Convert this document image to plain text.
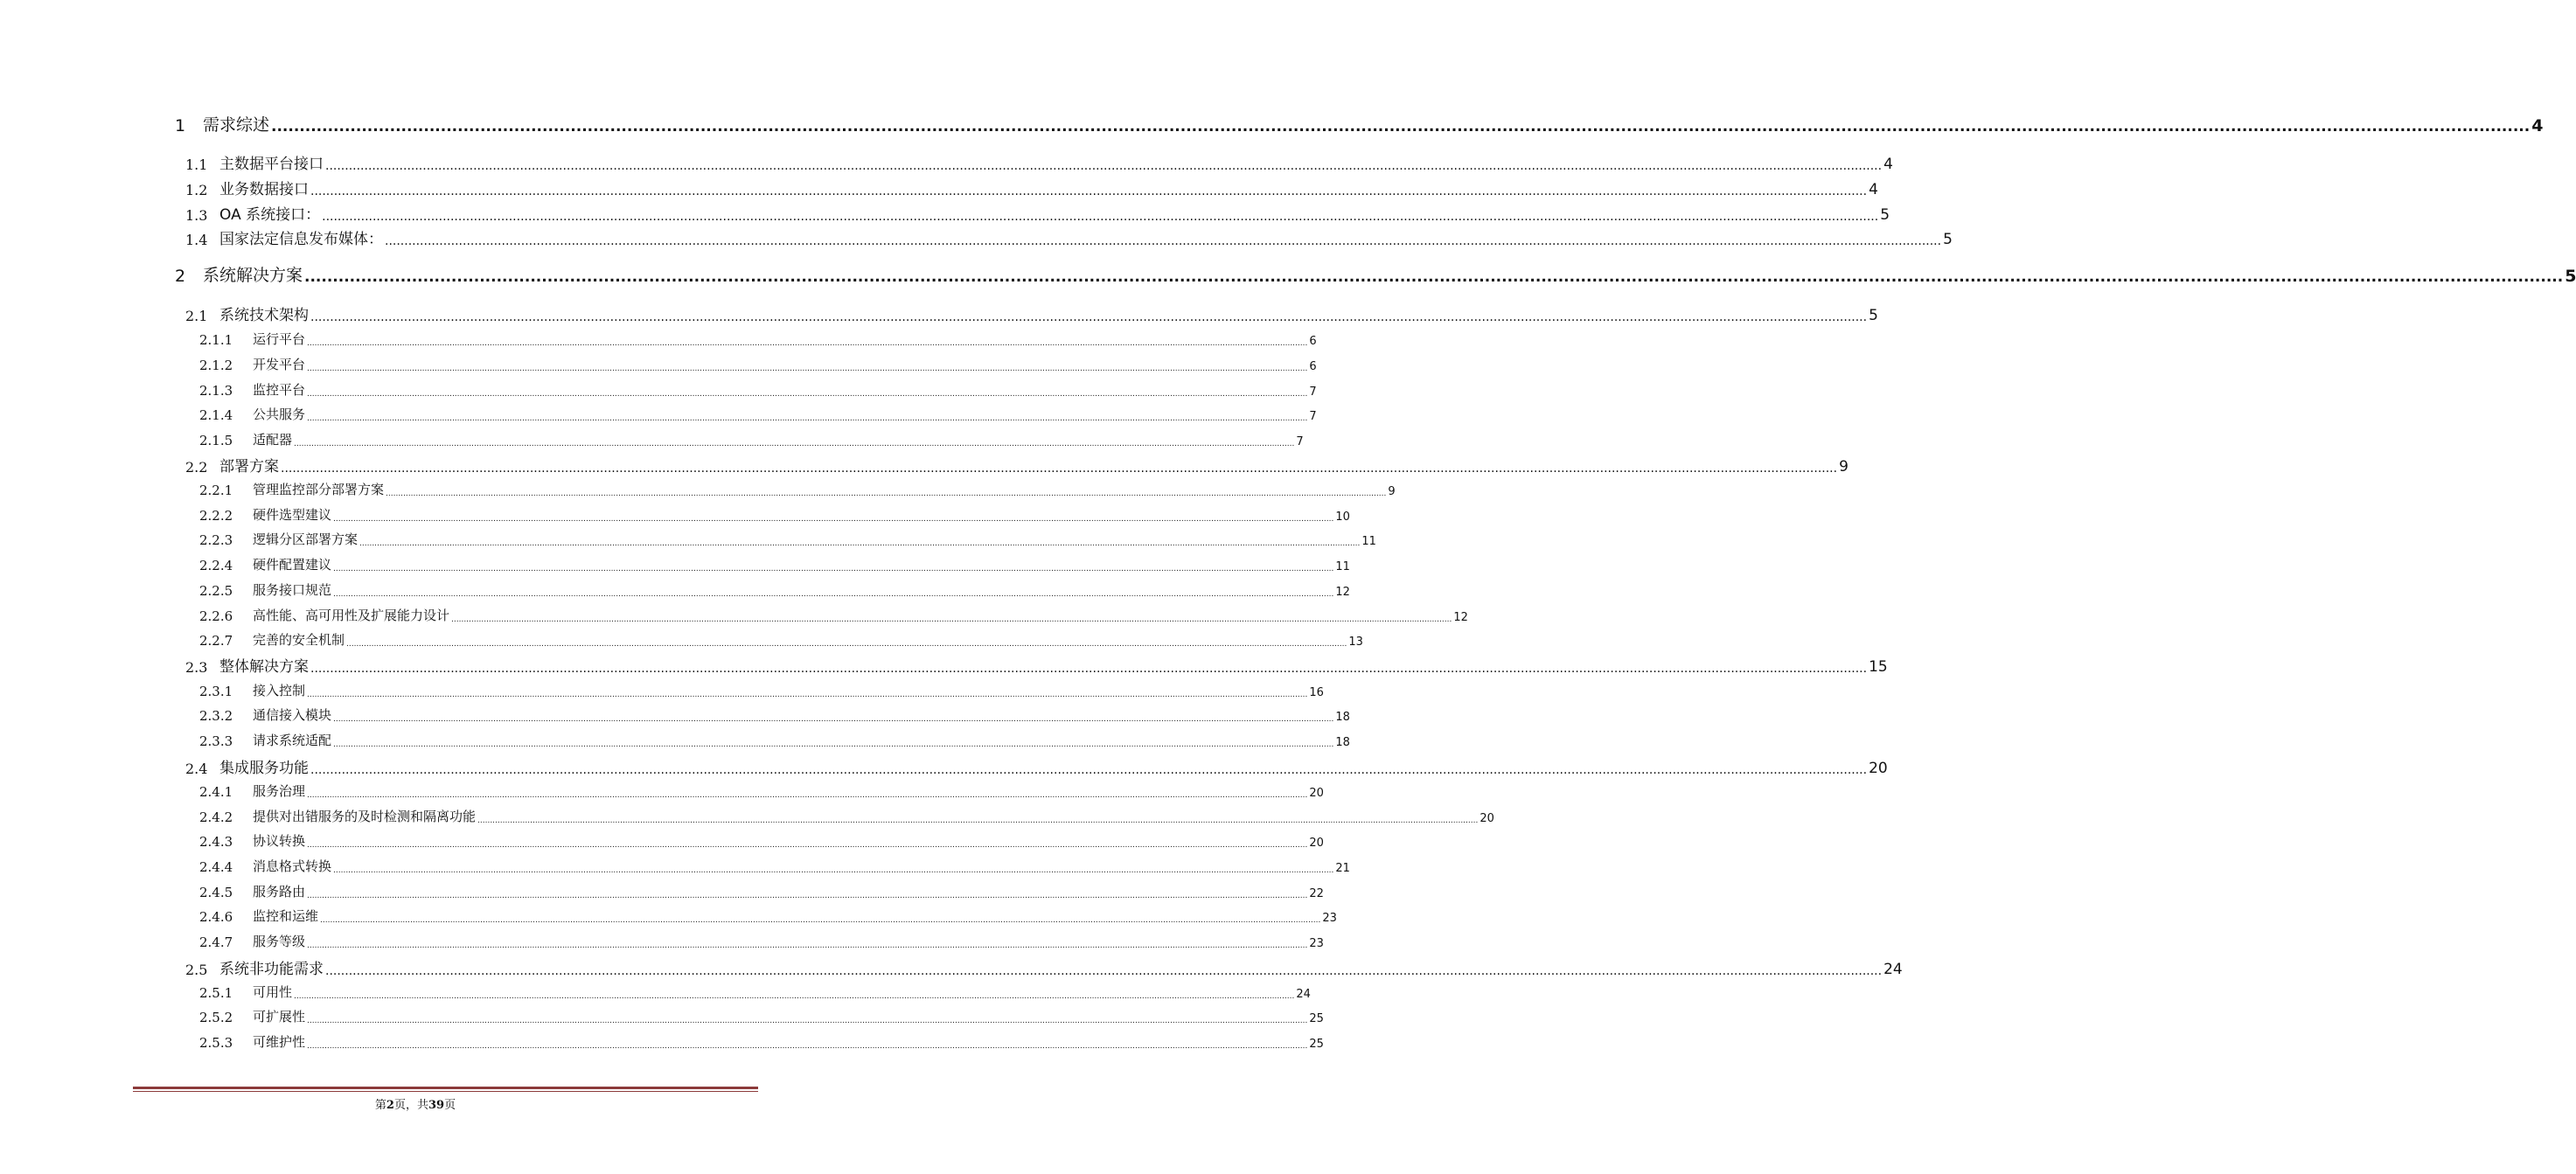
1	需求综述 ................................................................................................................................................................................................................................................................................................................................................................................................................ 4
1.1 主数据平台接口 ................................................................................................................................................................................................................................................................................................................................................................................................................ 4
1.2 业务数据接口 ................................................................................................................................................................................................................................................................................................................................................................................................................ 4
1.3 OA 系统接口： ................................................................................................................................................................................................................................................................................................................................................................................................................ 5
1.4 国家法定信息发布媒体： ................................................................................................................................................................................................................................................................................................................................................................................................................ 5
2	系统解决方案 ................................................................................................................................................................................................................................................................................................................................................................................................................ 5
2.1 系统技术架构 ................................................................................................................................................................................................................................................................................................................................................................................................................ 5
2.1.1	运行平台 ................................................................................................................................................................................................................................................................................................................................................................................................................ 6
2.1.2	开发平台 ................................................................................................................................................................................................................................................................................................................................................................................................................ 6
2.1.3	监控平台 ................................................................................................................................................................................................................................................................................................................................................................................................................ 7
2.1.4	公共服务 ................................................................................................................................................................................................................................................................................................................................................................................................................ 7
2.1.5	适配器 ................................................................................................................................................................................................................................................................................................................................................................................................................ 7
2.2 部署方案 ................................................................................................................................................................................................................................................................................................................................................................................................................ 9
2.2.1	管理监控部分部署方案 ................................................................................................................................................................................................................................................................................................................................................................................................................ 9
2.2.2	硬件选型建议 ................................................................................................................................................................................................................................................................................................................................................................................................................ 10
2.2.3	逻辑分区部署方案 ................................................................................................................................................................................................................................................................................................................................................................................................................ 11
2.2.4	硬件配置建议 ................................................................................................................................................................................................................................................................................................................................................................................................................ 11
2.2.5	服务接口规范 ................................................................................................................................................................................................................................................................................................................................................................................................................ 12
2.2.6	高性能、高可用性及扩展能力设计 ................................................................................................................................................................................................................................................................................................................................................................................................................ 12
2.2.7	完善的安全机制 ................................................................................................................................................................................................................................................................................................................................................................................................................ 13
2.3 整体解决方案 ................................................................................................................................................................................................................................................................................................................................................................................................................ 15
2.3.1	接入控制 ................................................................................................................................................................................................................................................................................................................................................................................................................ 16
2.3.2	通信接入模块 ................................................................................................................................................................................................................................................................................................................................................................................................................ 18
2.3.3	请求系统适配 ................................................................................................................................................................................................................................................................................................................................................................................................................ 18
2.4 集成服务功能 ................................................................................................................................................................................................................................................................................................................................................................................................................ 20
2.4.1	服务治理 ................................................................................................................................................................................................................................................................................................................................................................................................................ 20
2.4.2	提供对出错服务的及时检测和隔离功能 ................................................................................................................................................................................................................................................................................................................................................................................................................ 20
2.4.3	协议转换 ................................................................................................................................................................................................................................................................................................................................................................................................................ 20
2.4.4	消息格式转换 ................................................................................................................................................................................................................................................................................................................................................................................................................ 21
2.4.5	服务路由 ................................................................................................................................................................................................................................................................................................................................................................................................................ 22
2.4.6	监控和运维 ................................................................................................................................................................................................................................................................................................................................................................................................................ 23
2.4.7	服务等级 ................................................................................................................................................................................................................................................................................................................................................................................................................ 23
2.5 系统非功能需求 ................................................................................................................................................................................................................................................................................................................................................................................................................ 24
2.5.1	可用性 ................................................................................................................................................................................................................................................................................................................................................................................................................ 24
2.5.2	可扩展性 ................................................................................................................................................................................................................................................................................................................................................................................................................ 25
2.5.3	可维护性 ................................................................................................................................................................................................................................................................................................................................................................................................................ 25
第2页，共39页
